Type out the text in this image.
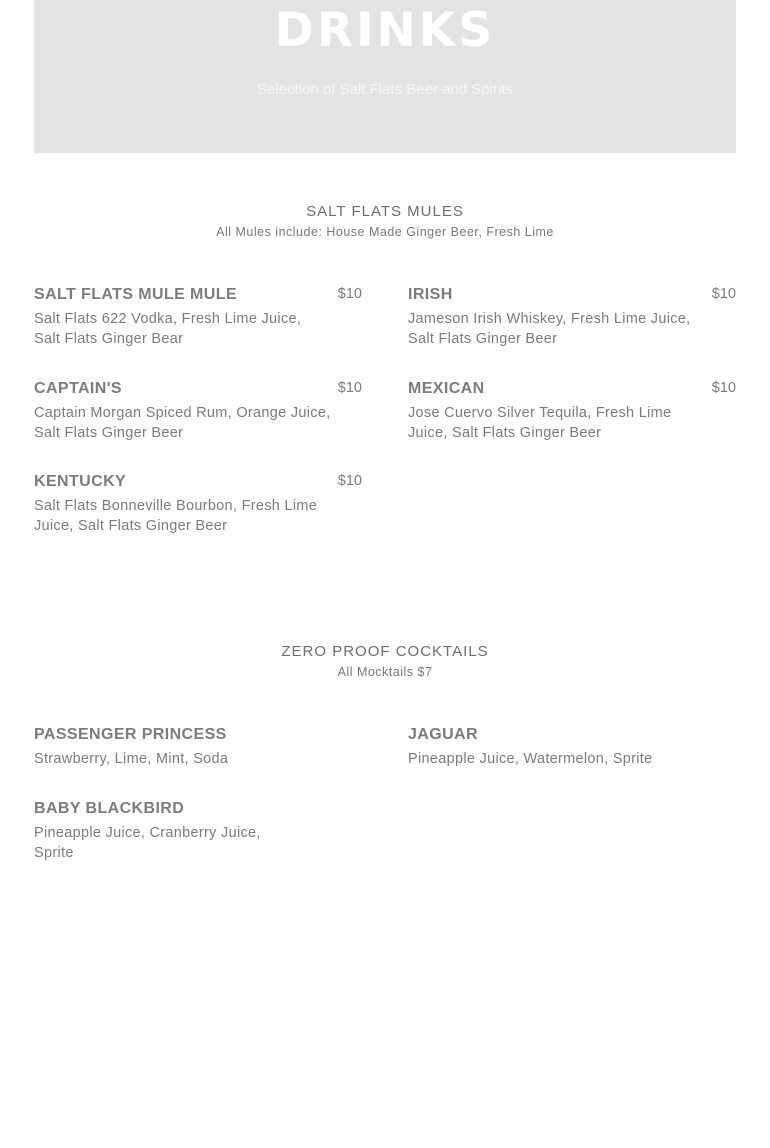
DRINKS
Selection of Salt Flats Beer and Spirits
SALT FLATS MULES
All Mules include: House Made Ginger Beer, Fresh Lime
SALT FLATS MULE MULE	$10
Salt Flats 622 Vodka, Fresh Lime Juice, Salt Flats Ginger Bear
IRISH	$10
Jameson Irish Whiskey, Fresh Lime Juice, Salt Flats Ginger Beer
CAPTAIN'S	$10
Captain Morgan Spiced Rum, Orange Juice, Salt Flats Ginger Beer
MEXICAN	$10
Jose Cuervo Silver Tequila, Fresh Lime Juice, Salt Flats Ginger Beer
KENTUCKY	$10
Salt Flats Bonneville Bourbon, Fresh Lime Juice, Salt Flats Ginger Beer
ZERO PROOF COCKTAILS
All Mocktails $7
PASSENGER PRINCESS
Strawberry, Lime, Mint, Soda
JAGUAR
Pineapple Juice, Watermelon, Sprite
BABY BLACKBIRD
Pineapple Juice, Cranberry Juice, Sprite
